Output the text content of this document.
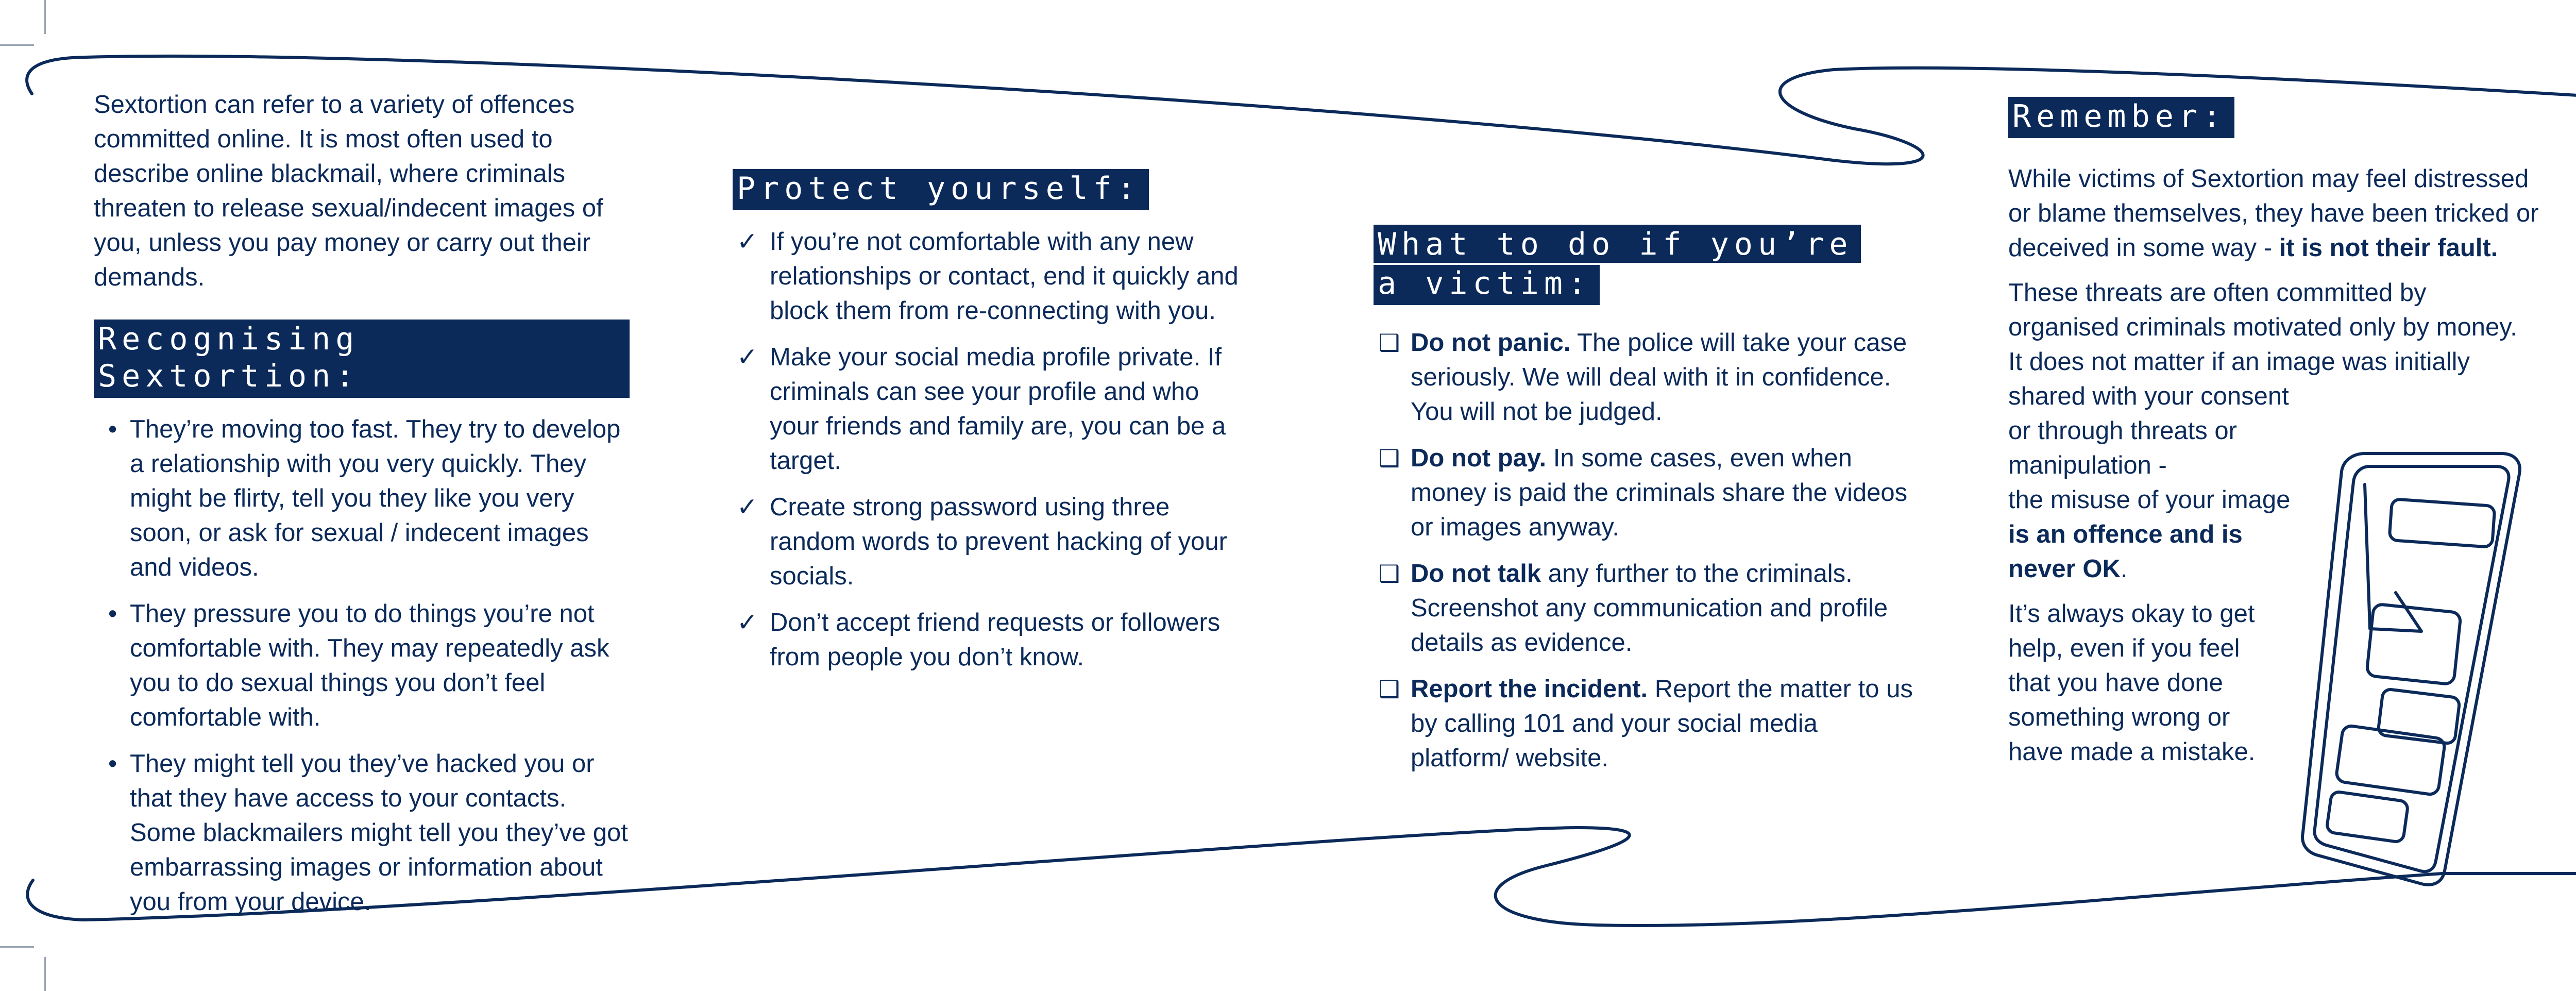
Sextortion can refer to a variety of offences committed online. It is most often used to describe online blackmail, where criminals threaten to release sexual/indecent images of you, unless you pay money or carry out their demands.

Recognising Sextortion:
• They’re moving too fast. They try to develop a relationship with you very quickly. They might be flirty, tell you they like you very soon, or ask for sexual / indecent images and videos.
• They pressure you to do things you’re not comfortable with. They may repeatedly ask you to do sexual things you don’t feel comfortable with.
• They might tell you they’ve hacked you or that they have access to your contacts. Some blackmailers might tell you they’ve got embarrassing images or information about you from your device.
Protect yourself:
✓ If you’re not comfortable with any new relationships or contact, end it quickly and block them from re-connecting with you.
✓ Make your social media profile private. If criminals can see your profile and who your friends and family are, you can be a target.
✓ Create strong password using three random words to prevent hacking of your socials.
✓ Don’t accept friend requests or followers from people you don’t know.
What to do if you’re
a victim:
❑ Do not panic. The police will take your case seriously. We will deal with it in confidence. You will not be judged.
❑ Do not pay. In some cases, even when money is paid the criminals share the videos or images anyway.
❑ Do not talk any further to the criminals. Screenshot any communication and profile details as evidence.
❑ Report the incident. Report the matter to us by calling 101 and your social media platform/ website.
Remember:

While victims of Sextortion may feel distressed or blame themselves, they have been tricked or deceived in some way - it is not their fault.

These threats are often committed by
organised criminals motivated only by money.
It does not matter if an image was initially
shared with your consent
or through threats or
manipulation -
the misuse of your image
is an offence and is
never OK.

It’s always okay to get
help, even if you feel
that you have done
something wrong or
have made a mistake.
